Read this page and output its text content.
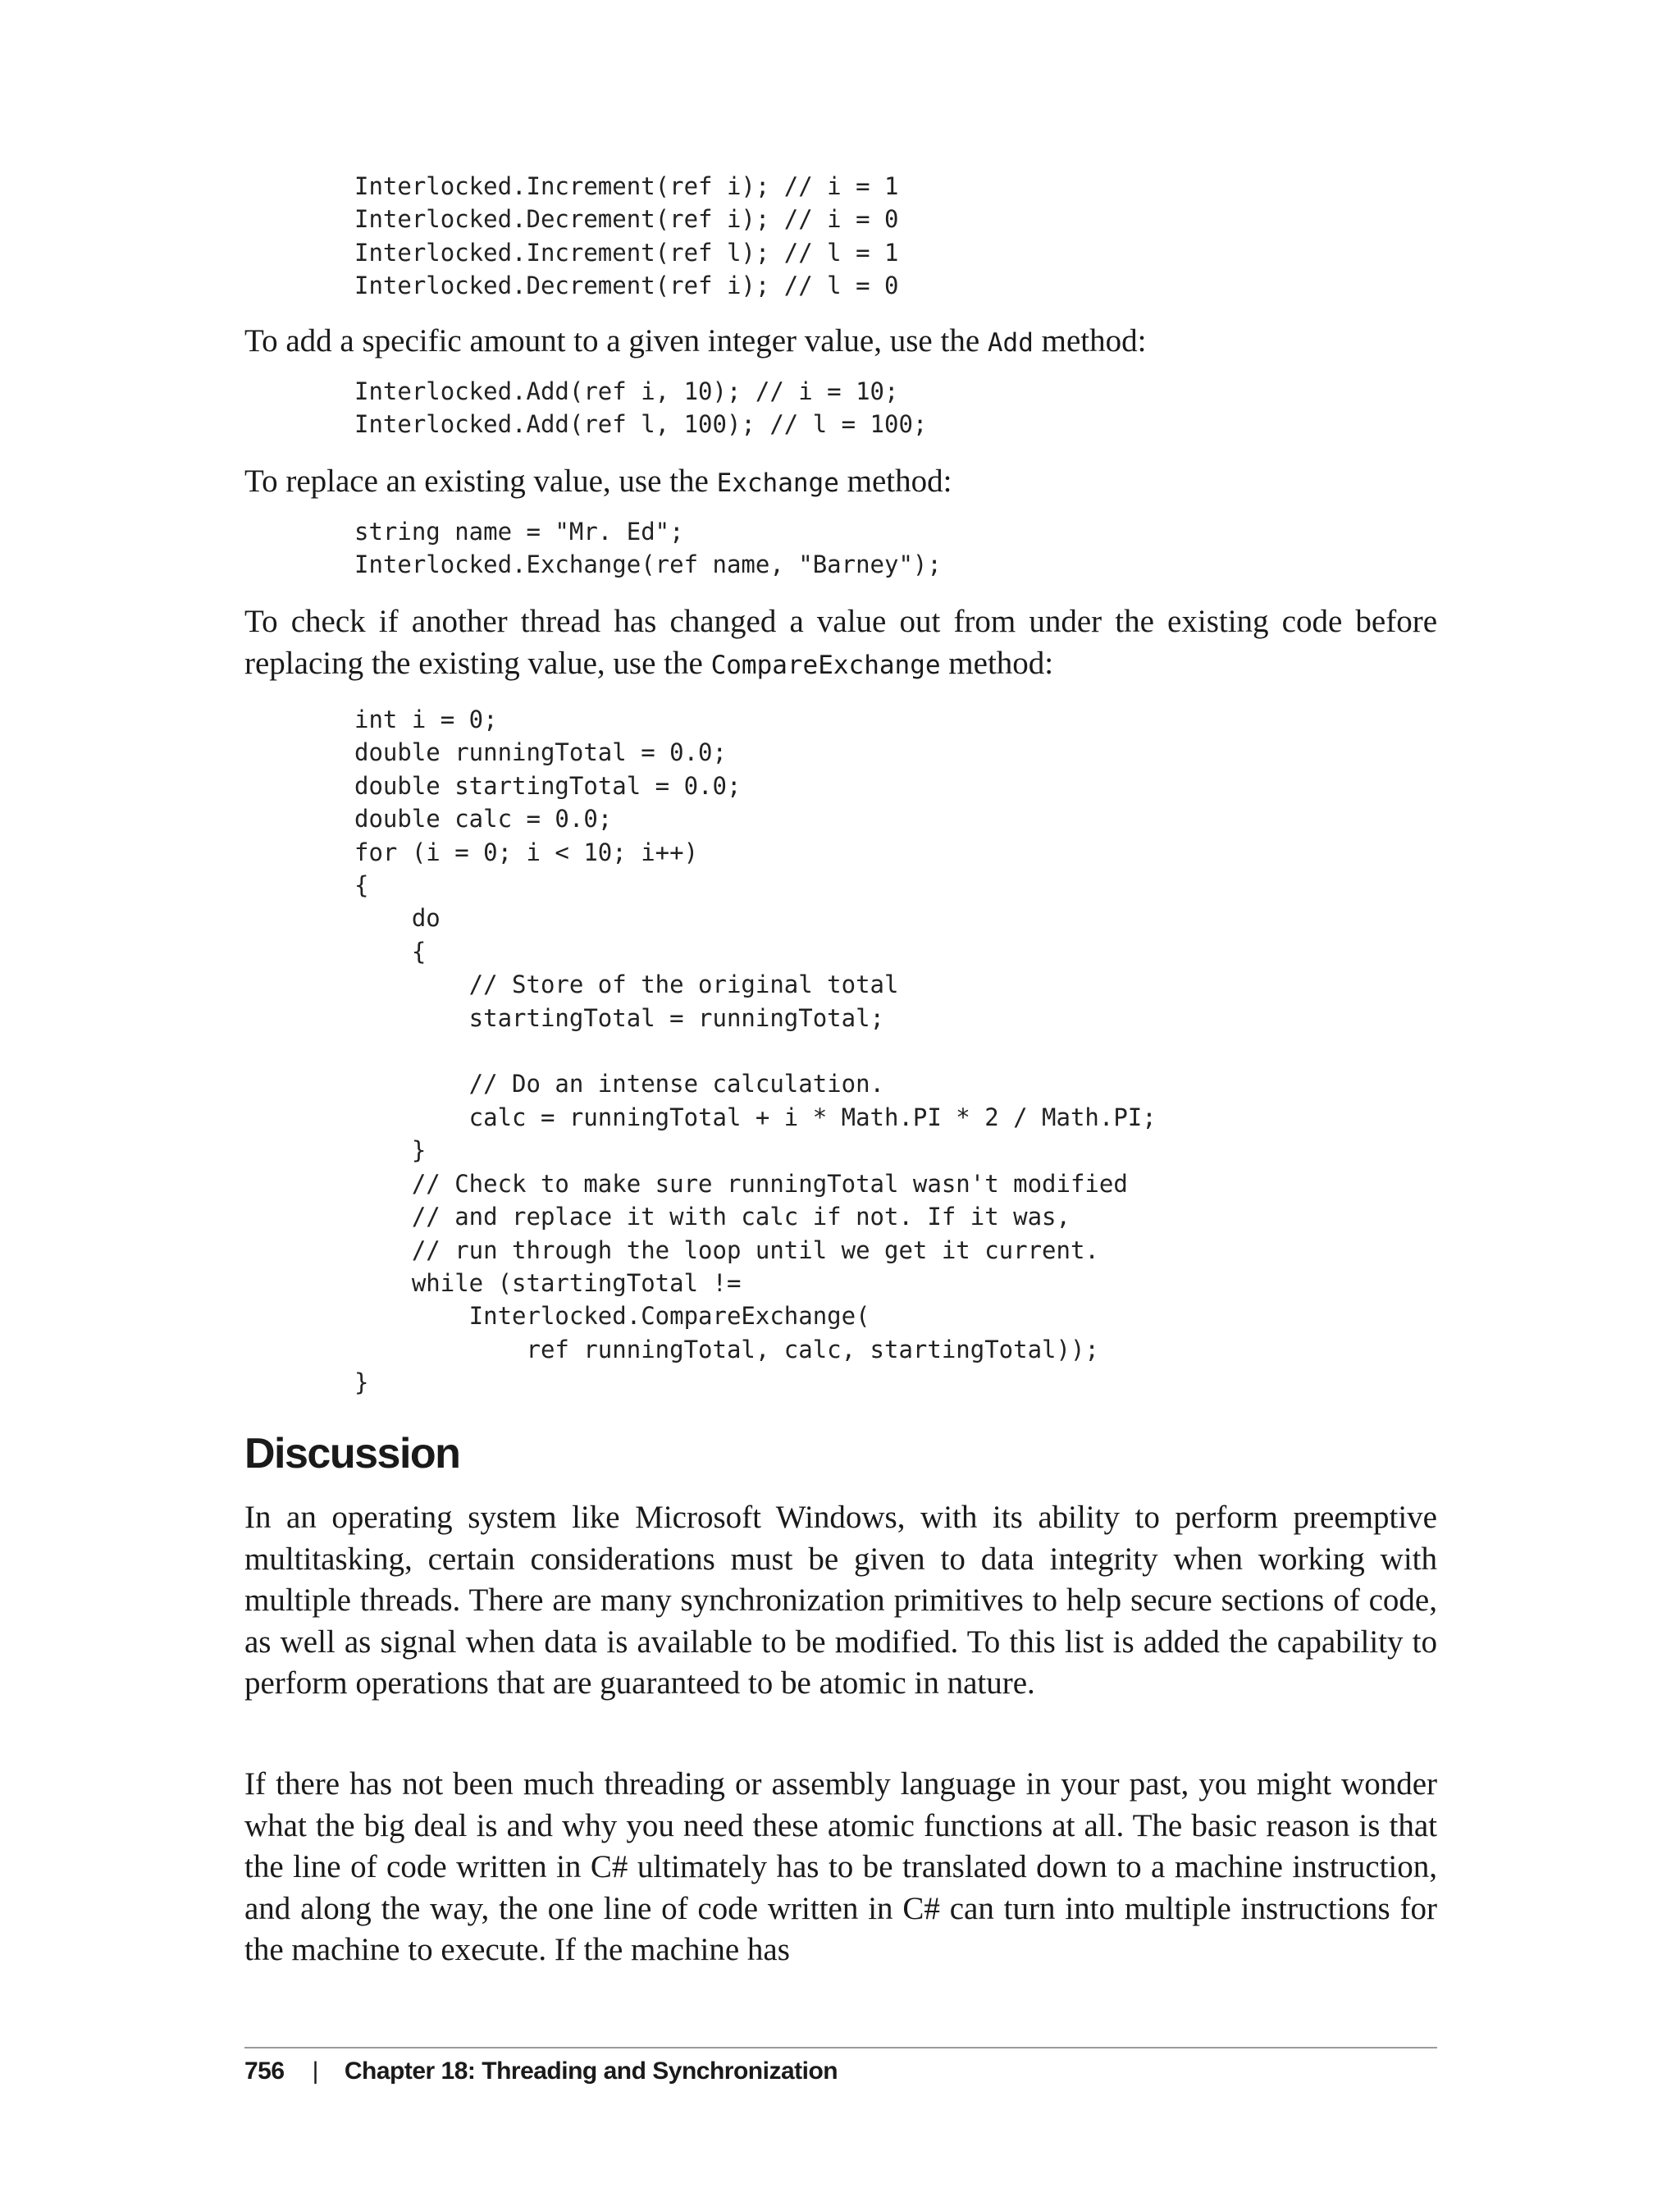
Interlocked.Increment(ref i); // i = 1
Interlocked.Decrement(ref i); // i = 0
Interlocked.Increment(ref l); // l = 1
Interlocked.Decrement(ref i); // l = 0

To add a specific amount to a given integer value, use the Add method:

Interlocked.Add(ref i, 10); // i = 10;
Interlocked.Add(ref l, 100); // l = 100;

To replace an existing value, use the Exchange method:

string name = "Mr. Ed";
Interlocked.Exchange(ref name, "Barney");

To check if another thread has changed a value out from under the existing code before replacing the existing value, use the CompareExchange method:

int i = 0;
double runningTotal = 0.0;
double startingTotal = 0.0;
double calc = 0.0;
for (i = 0; i < 10; i++)
{
do
{
// Store of the original total
startingTotal = runningTotal;

// Do an intense calculation.
calc = runningTotal + i * Math.PI * 2 / Math.PI;
}
// Check to make sure runningTotal wasn't modified
// and replace it with calc if not. If it was,
// run through the loop until we get it current.
while (startingTotal !=
Interlocked.CompareExchange(
ref runningTotal, calc, startingTotal));
}
Discussion

In an operating system like Microsoft Windows, with its ability to perform preemptive multitasking, certain considerations must be given to data integrity when working with multiple threads. There are many synchronization primitives to help secure sections of code, as well as signal when data is available to be modified. To this list is added the capability to perform operations that are guaranteed to be atomic in nature.

If there has not been much threading or assembly language in your past, you might wonder what the big deal is and why you need these atomic functions at all. The basic reason is that the line of code written in C# ultimately has to be translated down to a machine instruction, and along the way, the one line of code written in C# can turn into multiple instructions for the machine to execute. If the machine has

756 | Chapter 18: Threading and Synchronization
